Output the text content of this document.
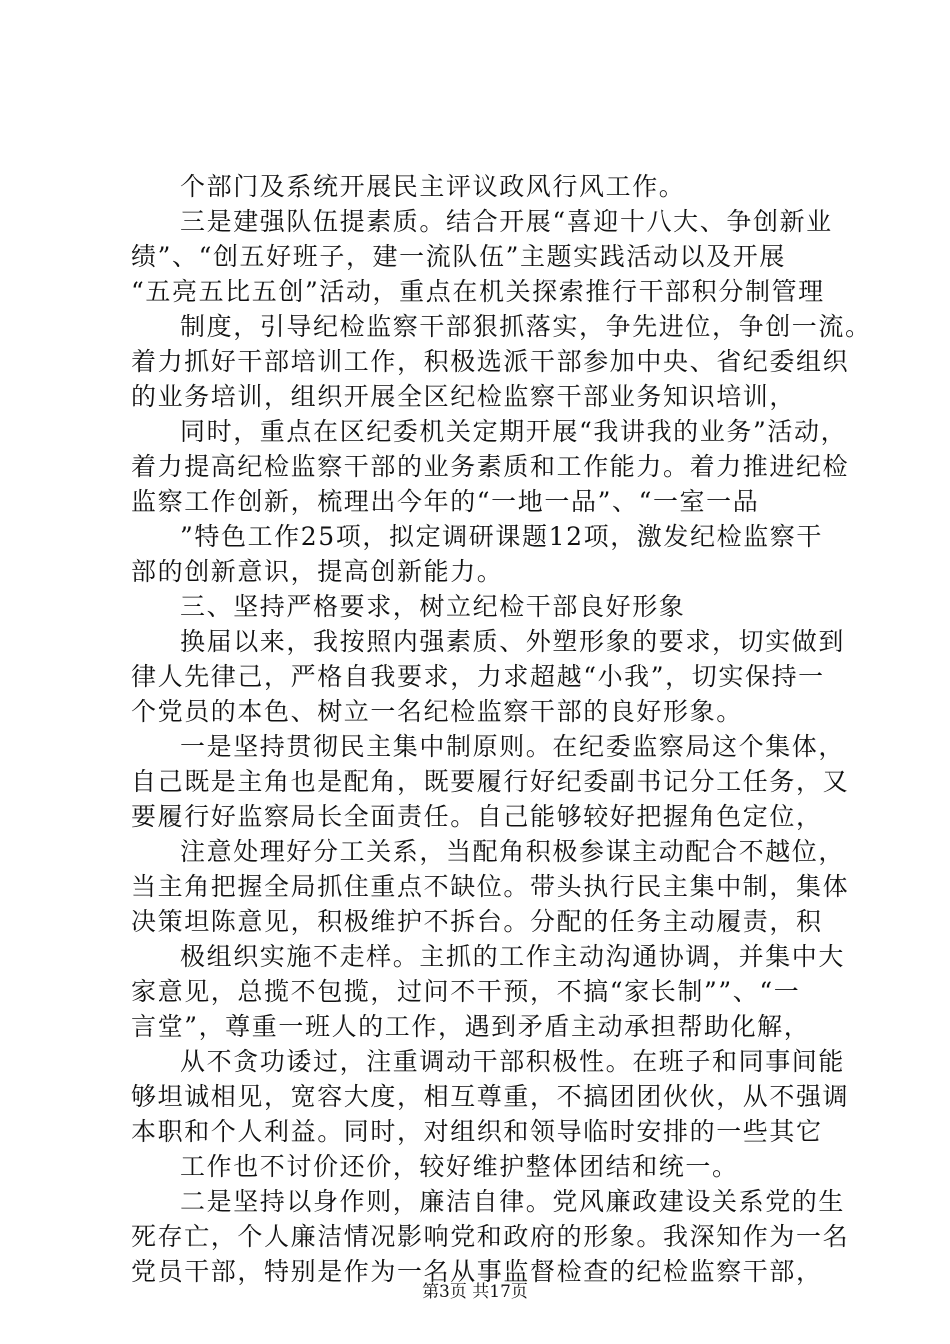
个部门及系统开展民主评议政风行风工作。
三是建强队伍提素质。结合开展“喜迎十八大、争创新业
绩”、“创五好班子，建一流队伍”主题实践活动以及开展
“五亮五比五创”活动，重点在机关探索推行干部积分制管理
制度，引导纪检监察干部狠抓落实，争先进位，争创一流。
着力抓好干部培训工作，积极选派干部参加中央、省纪委组织
的业务培训，组织开展全区纪检监察干部业务知识培训，
同时，重点在区纪委机关定期开展“我讲我的业务”活动，
着力提高纪检监察干部的业务素质和工作能力。着力推进纪检
监察工作创新，梳理出今年的“一地一品”、“一室一品
”特色工作25项，拟定调研课题12项，激发纪检监察干
部的创新意识，提高创新能力。
三、坚持严格要求，树立纪检干部良好形象
换届以来，我按照内强素质、外塑形象的要求，切实做到
律人先律己，严格自我要求，力求超越“小我”，切实保持一
个党员的本色、树立一名纪检监察干部的良好形象。
一是坚持贯彻民主集中制原则。在纪委监察局这个集体，
自己既是主角也是配角，既要履行好纪委副书记分工任务，又
要履行好监察局长全面责任。自己能够较好把握角色定位，
注意处理好分工关系，当配角积极参谋主动配合不越位，
当主角把握全局抓住重点不缺位。带头执行民主集中制，集体
决策坦陈意见，积极维护不拆台。分配的任务主动履责，积
极组织实施不走样。主抓的工作主动沟通协调，并集中大
家意见，总揽不包揽，过问不干预，不搞“家长制””、“一
言堂”，尊重一班人的工作，遇到矛盾主动承担帮助化解，
从不贪功诿过，注重调动干部积极性。在班子和同事间能
够坦诚相见，宽容大度，相互尊重，不搞团团伙伙，从不强调
本职和个人利益。同时，对组织和领导临时安排的一些其它
工作也不讨价还价，较好维护整体团结和统一。
二是坚持以身作则，廉洁自律。党风廉政建设关系党的生
死存亡，个人廉洁情况影响党和政府的形象。我深知作为一名
党员干部，特别是作为一名从事监督检查的纪检监察干部，
第3页 共17页
